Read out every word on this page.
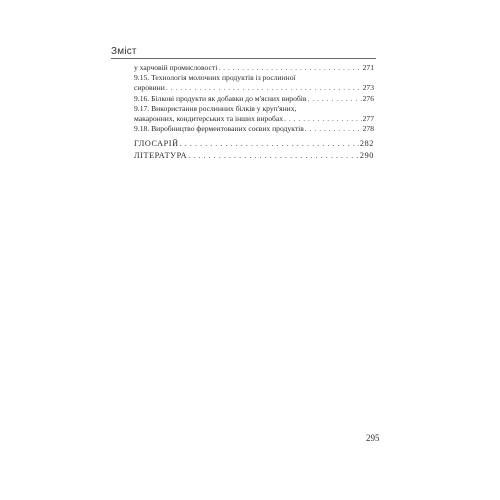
Зміст
у харчовій промисловості . . .	271
9.15. Технологія молочних продуктів із рослинної
сировини . . .	273
9.16. Білкові продукти як добавки до м'ясних виробів . . .	276
9.17. Використання рослинних білків у круп'яних,
макаронних, кондитерських та інших виробах . . .	277
9.18. Виробництво ферментованих соєвих продуктів . . .	278
ГЛОСАРІЙ . . .	282
ЛІТЕРАТУРА . . .	290
295
